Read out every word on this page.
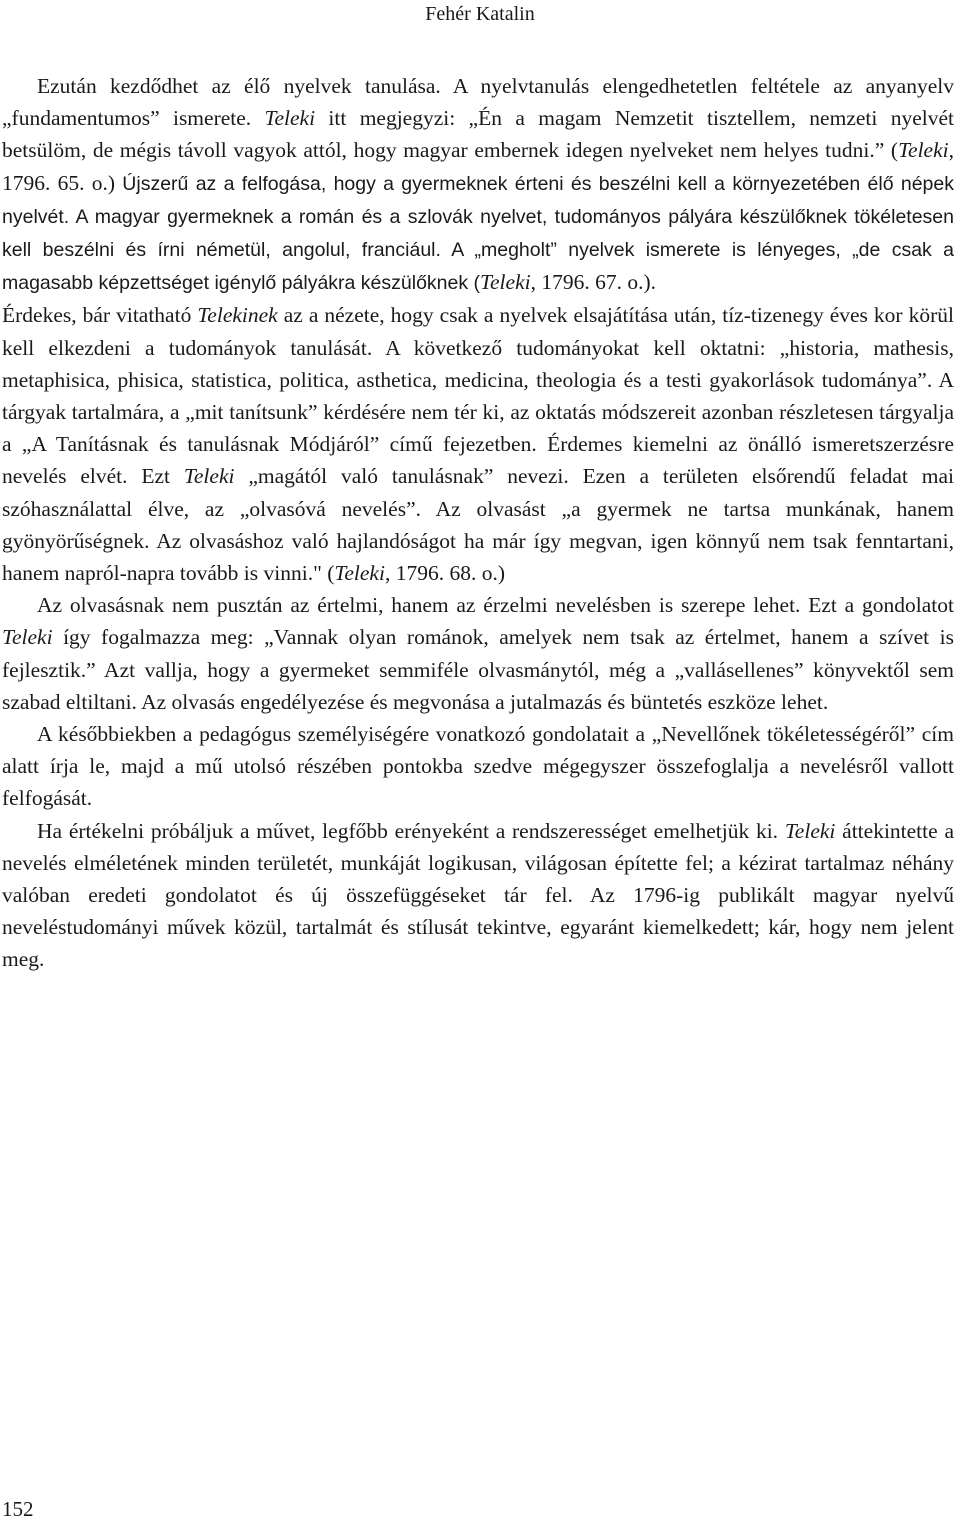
Fehér Katalin

Ezután kezdődhet az élő nyelvek tanulása. A nyelvtanulás elengedhetetlen feltétele az anyanyelv „fundamentumos” ismerete. Teleki itt megjegyzi: „Én a magam Nemzetit tisztellem, nemzeti nyelvét betsülöm, de mégis távoll vagyok attól, hogy magyar embernek idegen nyelveket nem helyes tudni.” (Teleki, 1796. 65. o.) Újszerű az a felfogása, hogy a gyermeknek érteni és beszélni kell a környezetében élő népek nyelvét. A magyar gyermeknek a román és a szlovák nyelvet, tudományos pályára készülőknek tökéletesen kell beszélni és írni németül, angolul, franciául. A „megholt” nyelvek ismerete is lényeges, „de csak a magasabb képzettséget igénylő pályákra készülőknek (Teleki, 1796. 67. o.).

Érdekes, bár vitatható Telekinek az a nézete, hogy csak a nyelvek elsajátítása után, tíz-tizenegy éves kor körül kell elkezdeni a tudományok tanulását. A következő tudományokat kell oktatni: „historia, mathesis, metaphisica, phisica, statistica, politica, asthetica, medicina, theologia és a testi gyakorlások tudománya”. A tárgyak tartalmára, a „mit tanítsunk” kérdésére nem tér ki, az oktatás módszereit azonban részletesen tárgyalja a „A Tanításnak és tanulásnak Módjáról” című fejezetben. Érdemes kiemelni az önálló ismeretszerzésre nevelés elvét. Ezt Teleki „magától való tanulásnak” nevezi. Ezen a területen elsőrendű feladat mai szóhasználattal élve, az „olvasóvá nevelés”. Az olvasást „a gyermek ne tartsa munkának, hanem gyönyörűségnek. Az olvasáshoz való hajlandóságot ha már így megvan, igen könnyű nem tsak fenntartani, hanem napról-napra tovább is vinni." (Teleki, 1796. 68. o.)

Az olvasásnak nem pusztán az értelmi, hanem az érzelmi nevelésben is szerepe lehet. Ezt a gondolatot Teleki így fogalmazza meg: „Vannak olyan románok, amelyek nem tsak az értelmet, hanem a szívet is fejlesztik.” Azt vallja, hogy a gyermeket semmiféle olvasmánytól, még a „vallásellenes” könyvektől sem szabad eltiltani. Az olvasás engedélyezése és megvonása a jutalmazás és büntetés eszköze lehet.

A későbbiekben a pedagógus személyiségére vonatkozó gondolatait a „Nevellőnek tökéletességéről” cím alatt írja le, majd a mű utolsó részében pontokba szedve mégegyszer összefoglalja a nevelésről vallott felfogását.

Ha értékelni próbáljuk a művet, legfőbb erényeként a rendszerességet emelhetjük ki. Teleki áttekintette a nevelés elméletének minden területét, munkáját logikusan, világosan építette fel; a kézirat tartalmaz néhány valóban eredeti gondolatot és új összefüggéseket tár fel. Az 1796-ig publikált magyar nyelvű neveléstudományi művek közül, tartalmát és stílusát tekintve, egyaránt kiemelkedett; kár, hogy nem jelent meg.

152
